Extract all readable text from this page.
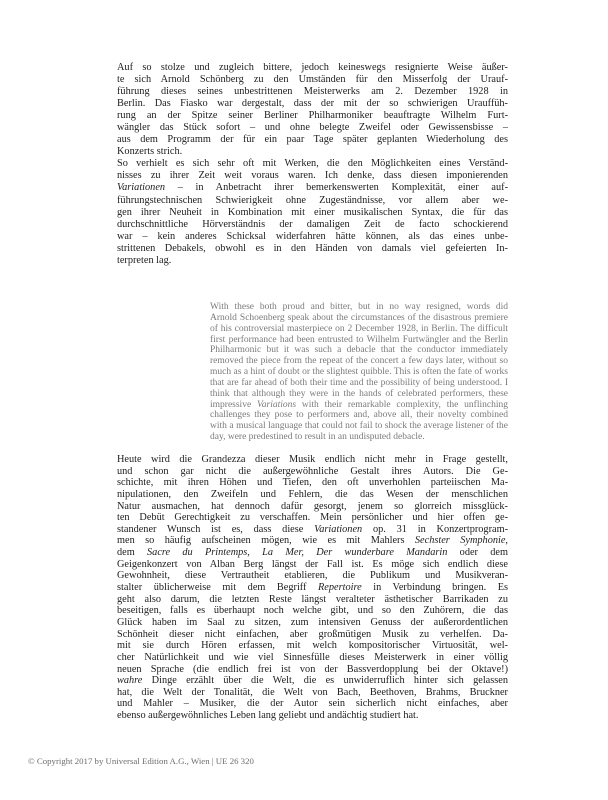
Auf so stolze und zugleich bittere, jedoch keineswegs resignierte Weise äußer-
te sich Arnold Schönberg zu den Umständen für den Misserfolg der Urauf-
führung dieses seines unbestrittenen Meisterwerks am 2. Dezember 1928 in
Berlin. Das Fiasko war dergestalt, dass der mit der so schwierigen Urauffüh-
rung an der Spitze seiner Berliner Philharmoniker beauftragte Wilhelm Furt-
wängler das Stück sofort – und ohne belegte Zweifel oder Gewissensbisse –
aus dem Programm der für ein paar Tage später geplanten Wiederholung des
Konzerts strich.
So verhielt es sich sehr oft mit Werken, die den Möglichkeiten eines Verständ-
nisses zu ihrer Zeit weit voraus waren. Ich denke, dass diesen imponierenden
Variationen – in Anbetracht ihrer bemerkenswerten Komplexität, einer auf-
führungstechnischen Schwierigkeit ohne Zugeständnisse, vor allem aber we-
gen ihrer Neuheit in Kombination mit einer musikalischen Syntax, die für das
durchschnittliche Hörverständnis der damaligen Zeit de facto schockierend
war – kein anderes Schicksal widerfahren hätte können, als das eines unbe-
strittenen Debakels, obwohl es in den Händen von damals viel gefeierten In-
terpreten lag.
With these both proud and bitter, but in no way resigned, words did
Arnold Schoenberg speak about the circumstances of the disastrous premiere
of his controversial masterpiece on 2 December 1928, in Berlin. The difficult
first performance had been entrusted to Wilhelm Furtwängler and the Berlin
Philharmonic but it was such a debacle that the conductor immediately
removed the piece from the repeat of the concert a few days later, without so
much as a hint of doubt or the slightest quibble. This is often the fate of works
that are far ahead of both their time and the possibility of being understood. I
think that although they were in the hands of celebrated performers, these
impressive Variations with their remarkable complexity, the unflinching
challenges they pose to performers and, above all, their novelty combined
with a musical language that could not fail to shock the average listener of the
day, were predestined to result in an undisputed debacle.
Heute wird die Grandezza dieser Musik endlich nicht mehr in Frage gestellt,
und schon gar nicht die außergewöhnliche Gestalt ihres Autors. Die Ge-
schichte, mit ihren Höhen und Tiefen, den oft unverhohlen parteiischen Ma-
nipulationen, den Zweifeln und Fehlern, die das Wesen der menschlichen
Natur ausmachen, hat dennoch dafür gesorgt, jenem so glorreich missglück-
ten Debüt Gerechtigkeit zu verschaffen. Mein persönlicher und hier offen ge-
standener Wunsch ist es, dass diese Variationen op. 31 in Konzertprogram-
men so häufig aufscheinen mögen, wie es mit Mahlers Sechster Symphonie,
dem Sacre du Printemps, La Mer, Der wunderbare Mandarin oder dem
Geigenkonzert von Alban Berg längst der Fall ist. Es möge sich endlich diese
Gewohnheit, diese Vertrautheit etablieren, die Publikum und Musikveran-
stalter üblicherweise mit dem Begriff Repertoire in Verbindung bringen. Es
geht also darum, die letzten Reste längst veralteter ästhetischer Barrikaden zu
beseitigen, falls es überhaupt noch welche gibt, und so den Zuhörern, die das
Glück haben im Saal zu sitzen, zum intensiven Genuss der außerordentlichen
Schönheit dieser nicht einfachen, aber großmütigen Musik zu verhelfen. Da-
mit sie durch Hören erfassen, mit welch kompositorischer Virtuosität, wel-
cher Natürlichkeit und wie viel Sinnesfülle dieses Meisterwerk in einer völlig
neuen Sprache (die endlich frei ist von der Bassverdopplung bei der Oktave!)
wahre Dinge erzählt über die Welt, die es unwiderruflich hinter sich gelassen
hat, die Welt der Tonalität, die Welt von Bach, Beethoven, Brahms, Bruckner
und Mahler – Musiker, die der Autor sein sicherlich nicht einfaches, aber
ebenso außergewöhnliches Leben lang geliebt und andächtig studiert hat.
© Copyright 2017 by Universal Edition A.G., Wien | UE 26 320
